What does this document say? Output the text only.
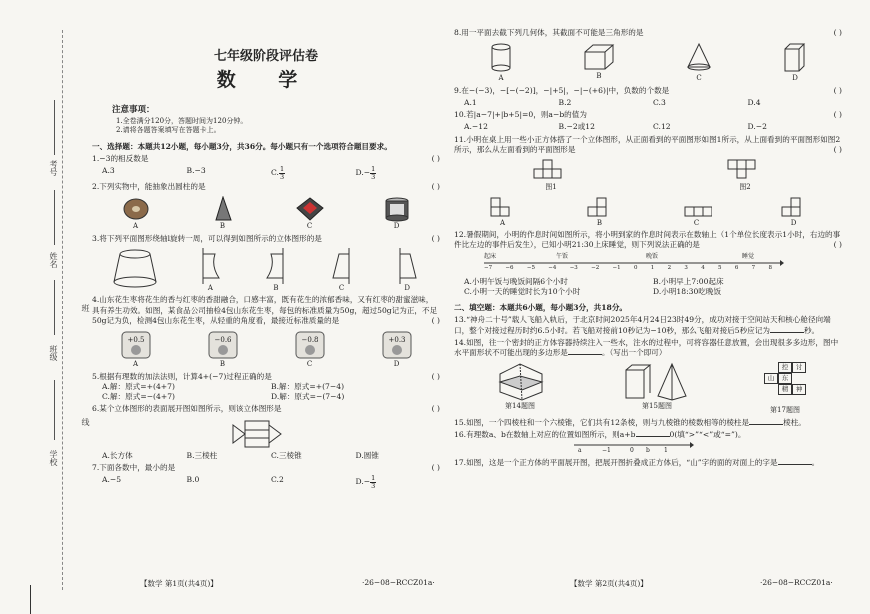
考号
姓名
班
班级
线
学校
七年级阶段评估卷
数 学
注意事项：
1.全卷满分120分，答题时间为120分钟。
2.请将各题答案填写在答题卡上。
一、选择题：本题共12小题，每小题3分，共36分。每小题只有一个选项符合题目要求。
1.−3的相反数是	( )
A.3	B.−3	C. $\frac{1}{3}$	$D.- \frac{1}{3}$
2.下列实物中，能抽象出圆柱的是	( )
A	B	C	D
3.将下列平面图形绕轴l旋转一周，可以得到如图所示的立体图形的是	( )
A	B	C	D
4.山东花生枣将花生的香与红枣的香甜融合，口感丰富，既有花生的浓郁香味，又有红枣的甜蜜滋味，具有养生功效。如图，某食品公司抽检4包山东花生枣，每包的标准质量为50g，超过50g记为正，不足50g记为负，检测4包山东花生枣，从轻重的角度看，最接近标准质量的是	( )
+0.5
A
−0.6
B
−0.8
C
+0.3
D
5.根据有理数的加法法则，计算4+(−7)过程正确的是	( )
A.解：原式=+(4+7)	B.解：原式=+(7−4)
C.解：原式=−(4+7)	D.解：原式=−(7−4)
6.某个立体图形的表面展开图如图所示，则该立体图形是	( )
A.长方体	B.三棱柱	C.三棱锥	D.圆锥
7.下面各数中，最小的是	( )
A.−5	B.0	C.2	$D.- \frac{1}{3}$
【数学 第1页(共4页)】	·26−08−RCCZ01a·
8.用一平面去截下列几何体，其截面不可能是三角形的是	( )
A	B	C	D
9.在−(−3)，−[−(−2)]，−|+5|，−|−(+6)|中，负数的个数是	( )
A.1	B.2	C.3	D.4
10.若|a−7|+|b+5|=0，则a−b的值为	( )
A.−12	B.−2或12	C.12	D.−2
11.小明在桌上用一些小正方体搭了一个立体图形，从正面看到的平面图形如图1所示，从上面看到的平面图形如图2所示，那么从左面看到的平面图形是	( )
图1	图2
A	B	C	D
12.暑假期间，小明的作息时间如图所示，将小明到家的作息时间表示在数轴上（1个单位长度表示1小时，右边的事件比左边的事件后发生），已知小明21:30上床睡觉，则下列说法正确的是	( )
起床	午饭	晚饭	睡觉
−7 −6 −5 −4 −3 −2 −1 0 1 2 3 4 5 6 7 8
A.小明午饭与晚饭间隔6个小时	B.小明早上7:00起床
C.小明一天的睡觉时长为10个小时	D.小明18:30吃晚饭
二、填空题：本题共6小题，每小题3分，共18分。
13.“神舟二十号”载人飞船入轨后，于北京时间2025年4月24日23时49分，成功对接于空间站天和核心舱径向端口，整个对接过程历时约6.5小时。若飞船对接前10秒记为−10秒，那么飞船对接后5秒应记为	秒。
14.如图，往一个密封的正方体容器持续注入一些水，注水的过程中，可将容器任意放置，会出现很多多边形，图中水平面形状不可能出现的多边形是	。（写出一个即可）
第14题图	第15题图
控	讨
山	东
精	神
第17题图
15.如图，一个四棱柱和一个六棱锥，它们共有12条棱，则与九棱锥的棱数相等的棱柱是	棱柱。
16.有理数a、b在数轴上对应的位置如图所示，则a+b	0(填“>”“<”或“=”)。
a	−1	0 b 1
17.如图，这是一个正方体的平面展开图，把展开图折叠成正方体后，“山”字的面的对面上的字是	。
【数学 第2页(共4页)】	·26−08−RCCZ01a·
